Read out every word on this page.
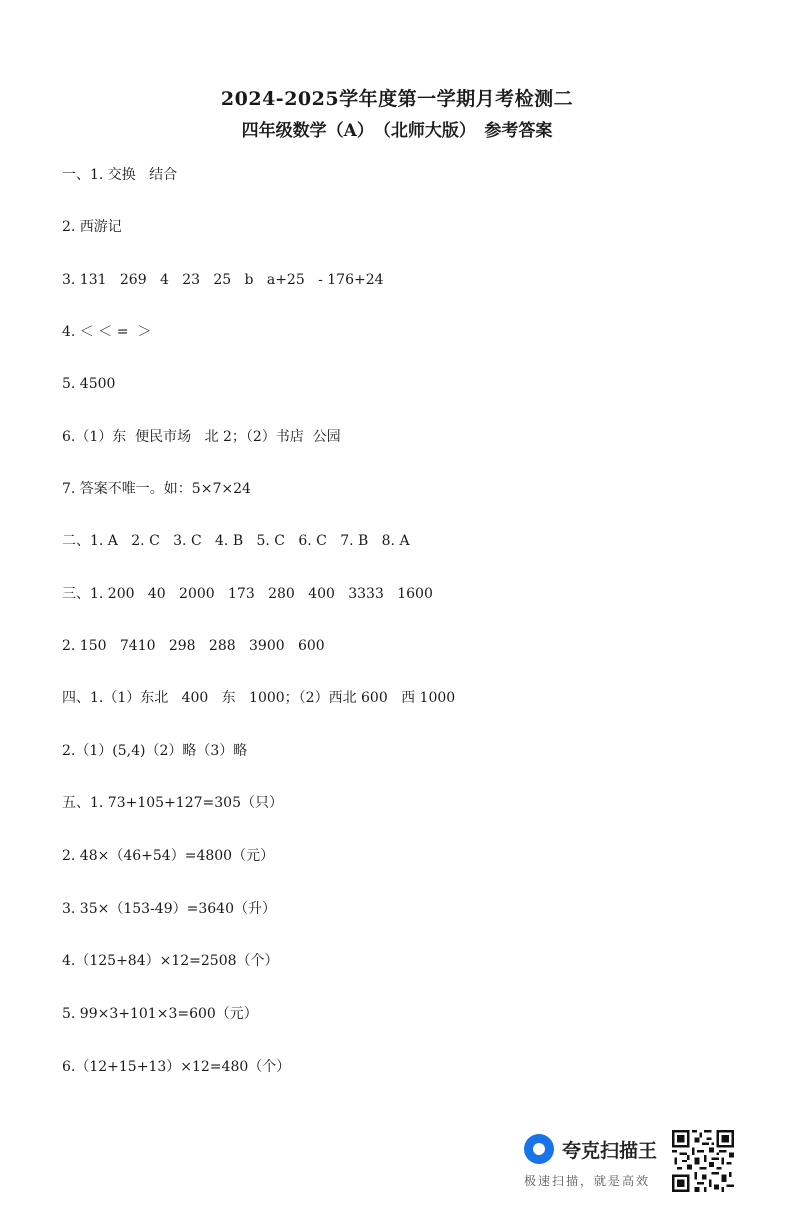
2024-2025学年度第一学期月考检测二
四年级数学（A）　（北师大版）　参考答案
一、1. 交换   结合
2. 西游记
3. 131   269   4   23   25   b   a+25   - 176+24
4. ＜ ＜ =  ＞
5. 4500
6.（1）东  便民市场   北 2；（2）书店  公园
7. 答案不唯一。如：5×7×24
二、1. A   2. C   3. C   4. B   5. C   6. C   7. B   8. A
三、1. 200   40   2000   173   280   400   3333   1600
2. 150   7410   298   288   3900   600
四、1.（1）东北   400   东   1000；（2）西北 600   西 1000
2.（1）(5,4)（2）略（3）略
五、1. 73+105+127=305（只）
2. 48×（46+54）=4800（元）
3. 35×（153-49）=3640（升）
4.（125+84）×12=2508（个）
5. 99×3+101×3=600（元）
6.（12+15+13）×12=480（个）
夸克扫描王
极速扫描，就是高效
